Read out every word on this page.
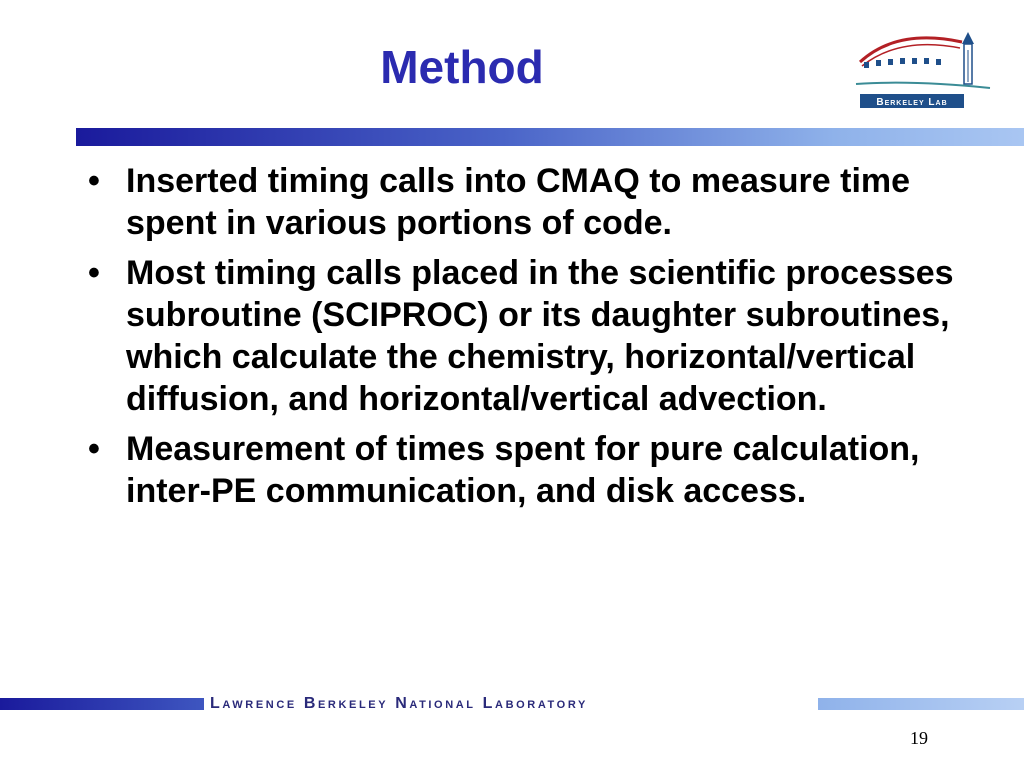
Method
Berkeley Lab
• Inserted timing calls into CMAQ to measure time spent in various portions of code.
• Most timing calls placed in the scientific processes subroutine (SCIPROC) or its daughter subroutines, which calculate the chemistry, horizontal/vertical diffusion, and horizontal/vertical advection.
• Measurement of times spent for pure calculation, inter-PE communication, and disk access.
Lawrence Berkeley National Laboratory
19
